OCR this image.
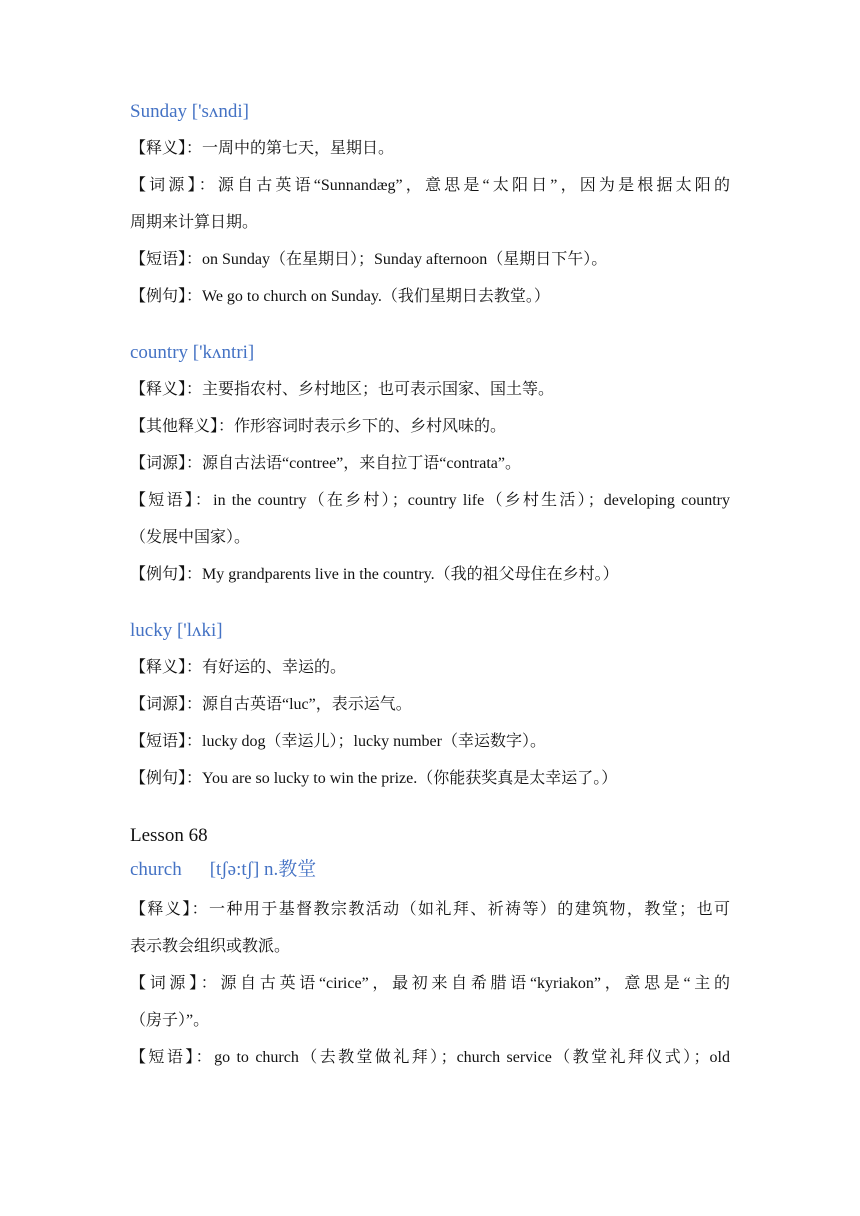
Sunday ['sʌndi]
【释义】：一周中的第七天，星期日。
【词源】：源自古英语“Sunnandæg”，意思是“太阳日”，因为是根据太阳的
周期来计算日期。
【短语】：on Sunday（在星期日）；Sunday afternoon（星期日下午）。
【例句】：We go to church on Sunday.（我们星期日去教堂。）
country ['kʌntri]
【释义】：主要指农村、乡村地区；也可表示国家、国土等。
【其他释义】：作形容词时表示乡下的、乡村风味的。
【词源】：源自古法语“contree”，来自拉丁语“contrata”。
【短语】：in the country（在乡村）；country life（乡村生活）；developing country
（发展中国家）。
【例句】：My grandparents live in the country.（我的祖父母住在乡村。）
lucky ['lʌki]
【释义】：有好运的、幸运的。
【词源】：源自古英语“luc”，表示运气。
【短语】：lucky dog（幸运儿）；lucky number（幸运数字）。
【例句】：You are so lucky to win the prize.（你能获奖真是太幸运了。）
Lesson 68
church [tʃə:tʃ] n.教堂
【释义】：一种用于基督教宗教活动（如礼拜、祈祷等）的建筑物，教堂；也可
表示教会组织或教派。
【词源】：源自古英语“cirice”，最初来自希腊语“kyriakon”，意思是“主的
（房子）”。
【短语】：go to church（去教堂做礼拜）；church service（教堂礼拜仪式）；old
